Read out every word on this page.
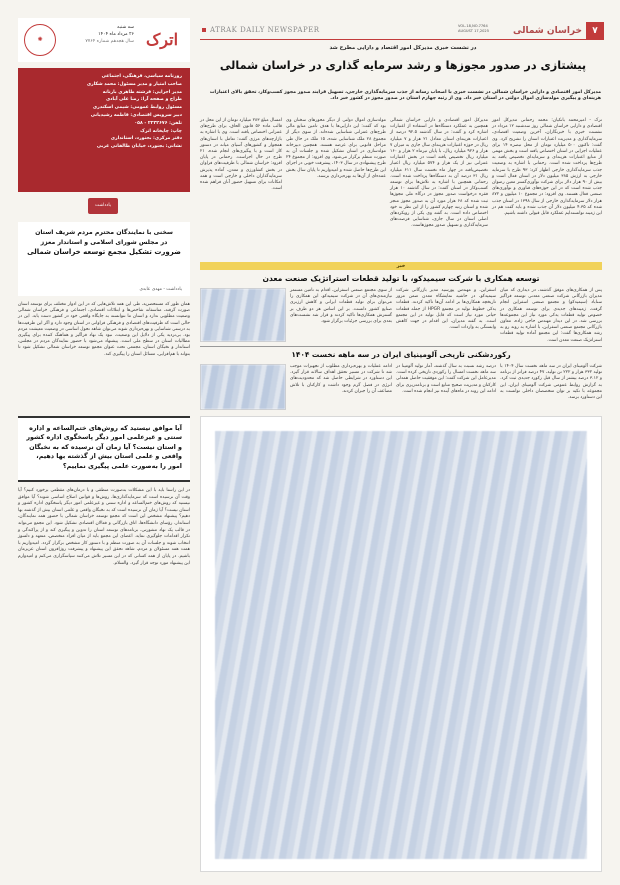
۷
خراسان شمالی
VOL.18,NO.7764
AUGUST 17,2025
ATRAK DAILY NEWSPAPER
در نشست خبری مدیرکل امور اقتصاد و دارایی مطرح شد
پیشتازی در صدور مجوزها و رشد سرمایه گذاری در خراسان شمالی
مدیرکل امور اقتصادی و دارایی خراسان شمالی در نشست خبری با اصحاب رسانه از جذب سرمایه‌گذاری خارجی، تسهیل فرایند صدور مجوز کسب‌وکار، تحقق بالای اعتبارات هزینه‌ای و پیگیری مولدسازی اموال دولتی در استان خبر داد. وی از رتبه چهارم استان در صدور مجوز در کشور خبر داد.
ترک - امیرمحمد بانکیان: محمد رحمانی مدیرکل امور اقتصادی و دارایی خراسان شمالی روز سه‌شنبه ۱۲ مرداد در نشست خبری با خبرنگاران، آخرین وضعیت اقتصادی، سرمایه‌گذاری و مدیریت اعتبارات استان را تشریح کرد. وی گفت: تاکنون ۵۰۰ میلیارد تومان از محل تبصره ۱۴ برای عملیات اجرایی در استان اختصاص یافته است و بخش مهمی از منابع اعتبارات هزینه‌ای و سرمایه‌ای تخصیص یافته به طرح‌ها پرداخت شده است. رحمانی با اشاره به وضعیت جذب سرمایه‌گذاری خارجی اظهار کرد: ۹۳ طرح با سرمایه خارجی به ارزش ۳۸۵ میلیون دلار در استان فعال است و بیش از ۹۰ هزار دلار برای شرکت نوآوری‌گستر معین رضوان جذب شده است که در این حوزه‌های فناوری و نوآوری‌های صنعتی فعال هستند. وی افزود: در مجموع ۱۰ میلیون و ۸۷۲ هزار دلار سرمایه‌گذاری خارجی از سال ۱۳۹۸ در استان جذب شده که ۴.۳۵ میلیون دلار آن جذب شده و باید گفت هم در این زمینه توانسته‌ایم عملکرد قابل قبولی داشته باشیم.
مدیرکل امور اقتصادی و دارایی خراسان شمالی همچنین به عملکرد دستگاه‌ها در استفاده از اعتبارات اشاره کرد و گفت: در سال گذشته ۹۲.۵ درصد از اعتبارات هزینه‌ای استان معادل ۲۱ هزار و ۷ میلیارد ریال در حوزه اعتبارات هزینه‌ای سال جاری به میزان ۷ هزار و ۹۲۶ میلیارد ریال، با پایان تیرماه ۲ هزار و ۱۶۰ میلیارد ریال تخصیص یافته است در بخش اعتبارات عمرانی نیز از یک هزار و ۵۷۴ میلیارد ریال اعتبار تخصیص‌یافته در چهار ماه نخست سال ۶۱۱ میلیارد ریال ۳۱ درصد آن به دستگاه‌ها پرداخت شده است. رحمانی همچنین با اشاره به تلاش‌ها برای توسعه کسب‌وکار در استان گفت: در سال گذشته ۱۰ هزار فقره درخواست صدور مجوز در درگاه ملی مجوزها ثبت شده که ۶۸ هزار مورد آن به صدور مجوز منجر شده و استان رتبه چهارم کشور را از این نظر به خود اختصاص داده است. به گفته وی یکی از رویکردهای اصلی استان در سال جاری، شناسایی فرصت‌های سرمایه‌گذاری و تسهیل صدور مجوزهاست.
مولدسازی اموال دولتی از دیگر محورهای سخنان وی بود که گفت: این دارایی‌ها با هدف تامین منابع مالی طرح‌های عمرانی شناسایی شده‌اند. از سوی دیگر از مجموع ۲۸ ملک شناسایی شده، ۱۵ ملک در حال طی مراحل قانونی برای عرضه هستند. همچنین دبیرخانه مولدسازی در استان تشکیل شده و جلسات آن به صورت منظم برگزار می‌شود. وی افزود: از مجموع ۲۴ طرح پیشنهادی در سال ۱۴۰۳، پیشرفت خوبی در اجرای این طرح‌ها حاصل شده و امیدواریم تا پایان سال بخش عمده‌ای از آن‌ها به بهره‌برداری برسند.
امسال مبلغ ۲۸۳ میلیارد تومان از این محل در قالب ماده ۵۶ قانون الحاق، برای طرح‌های عمرانی اختصاص یافته است. وی با اشاره به بازارچه‌های مرزی گفت: تعامل با استان‌های همجوار و کشورهای آسیای میانه در دستور کار است و با پیگیری‌های انجام شده، ۲۱ طرح در حال اجراست. رحمانی در پایان افزود: خراسان شمالی با ظرفیت‌های فراوان در بخش کشاورزی و معدن، آماده پذیرش سرمایه‌گذاران داخلی و خارجی است و همه امکانات برای تسهیل حضور آنان فراهم شده است.
خبر
توسعه همکاری با شرکت سیمیدکو، با تولید قطعات استراتژیک صنعت معدن
پس از همکاری‌های موفق گذشته، در دیداری که میان مدیران بازرگانی شرکت صنعتی معدنی توسعه فراگیر سناباد (سیمیدکو) و مجتمع صنعتی اسفراین انجام گرفت، زمینه‌های جدیدی برای توسعه همکاری در خصوص تولید قطعات یدکی مورد نیاز این مجموعه‌ها بررسی شد. در این دیدار مهندس حاجی زاده، معاون بازرگانی مجتمع صنعتی اسفراین، با اشاره به روند رو به رشد همکاری‌ها گفت: این مجتمع آماده تولید قطعات استراتژیک صنعت معدن است.
اسفراین، و مهندس پورسید مدیر بازرگانی شرکت سیمیدکو، در حاشیه نمایشگاه معدن ضمن مرور تاریخچه همکاری‌ها بر ادامه آن‌ها تاکید کردند. قطعات یدکی خطوط تولید در مجتمع HPGR از جمله قطعات حیاتی مورد نیاز است که قابل تولید در این مجتمع است. به گفته مدیران، این اقدام در جهت کاهش وابستگی به واردات است.
از سوی مجتمع صنعتی اسفراین، اقدام به تامین مستمر نیازمندی‌های آن در شرکت سیمیدکو، این همکاری را می‌توان برای تولید قطعات ایرانی و کاهش ارزبری صنایع کشور دانست. بر این اساس هر دو طرف بر گسترش همکاری‌ها تاکید کردند و قرار شد نشست‌های بعدی برای بررسی جزئیات برگزار شود.
رکوردشکنی تاریخی آلومینیای ایران در سه ماهه نخست ۱۴۰۴
شرکت آلومینای ایران در سه ماهه نخست سال ۱۴۰۴ با تولید ۳۳۲ هزار و ۲۲۲ تن تولید، ۴۷ درصد فراتر از برنامه و ۳.۱۲ درصد بیشتر از سال قبل رکورد جدیدی ثبت کرد. به گزارش روابط عمومی شرکت آلومینای ایران، این مجموعه با تکیه بر توان متخصصان داخلی توانست به این دستاورد برسد.
درصد رشد نسبت به سال گذشته، آمار تولید آلومینا در سه ماهه نخست امسال را رکوردی تاریخی کرده است. مدیرعامل این شرکت گفت: این موفقیت حاصل همدلی کارکنان و مدیریت صحیح منابع است و برنامه‌ریزی برای ادامه این روند در ماه‌های آینده نیز انجام شده است.
ادامه عملیات و بهره‌برداری مطلوب از تجهیزات موجب شد تا شرکت در مسیر تحقق اهداف سالانه قرار گیرد. این دستاورد در شرایطی حاصل شد که محدودیت‌های انرژی در فصل گرم وجود داشت و کارکنان با تلاش مضاعف آن را جبران کردند.
اترک
سه شنبه
۲۶ مرداد ماه ۱۴۰۴
سال هجدهم شماره ۷۷۶۴
✺
روزنامه سیاسی، فرهنگی، اجتماعی
صاحب امتیاز و مدیر مسئول: محمد شکاری
مدیر اجرایی: فرشته طاهری بارنانه
طراح و صفحه آرا: رضا علی آبادی
مسئول روابط عمومی: شیمی اسکندری
دبیر سرویس اقتصادی: فاطمه رشیدیانی
تلفن: ۲۲۳۲۶۷۶ - ۰۵۸
چاپ: چاپخانه اترک
دفتر مرکزی: بجنورد، استانداری
نشانی: بجنورد، خیابان طالقانی غربی
یادداشت
سخنی با نمایندگان محترم مردم شریف استان
در مجلس شورای اسلامی و استاندار معزز
ضرورت تشکیل مجمع توسعه خراسان شمالی
یادداشت - مهدی عابدی
همان طور که مستحضرید، طی این همه تلاش‌هایی که در این ادوار مختلف برای توسعه استان صورت گرفته، متاسفانه شاخص‌ها و ابتلائات اقتصادی، اجتماعی و فرهنگی خراسان شمالی وضعیت مطلوبی ندارد و استان ما نتوانسته به جایگاه واقعی خود در کشور دست یابد. این در حالی است که ظرفیت‌های اقتصادی و فرهنگی فراوانی در استان وجود دارد و اگر این ظرفیت‌ها به درستی شناسایی و بهره‌برداری شوند می‌توان شاهد تحول اساسی در وضعیت معیشت مردم بود. بی‌تردید یکی از دلایل این وضعیت، نبود یک نهاد فراگیر و هماهنگ کننده برای پیگیری مطالبات استان در سطح ملی است. پیشنهاد می‌شود با حضور نمایندگان مردم در مجلس، استاندار و نخبگان استان، مجمعی تحت عنوان مجمع توسعه خراسان شمالی تشکیل شود تا بتواند با هم‌افزایی، مسائل استان را پیگیری کند.
آیا موافق نیستید که روش‌های ختم‌الساعه و اداره سنتی و غیرعلمی امور دیگر پاسخگوی اداره کشور و استان نیست؟ آیا زمان آن نرسیده که به نخبگان واقعی و علمی استان بیش از گذشته بها دهیم، امور را به‌صورت علمی پیگیری نماییم؟
در این راستا باید با این مشکلات به‌صورت منطقی و با درمان‌های مقطعی برخورد کنیم؟ آیا وقت آن نرسیده است که سرمایه‌گذاری‌ها، روش‌ها و قوانین اصلاح اساسی شوند؟ آیا موافق نیستید که روش‌های ختم‌الساعه و اداره سنتی و غیرعلمی امور دیگر پاسخگوی اداره کشور و استان نیست؟ آیا زمان آن نرسیده است که به نخبگان واقعی و علمی استان بیش از گذشته بها دهیم؟ پیشنهاد مشخص این است که مجمع توسعه خراسان شمالی با حضور همه نمایندگان، استاندار، رؤسای دانشگاه‌ها، اتاق بازرگانی و فعالان اقتصادی تشکیل شود. این مجمع می‌تواند در قالب یک نهاد مشورتی، برنامه‌های توسعه استان را تدوین و پیگیری کند و از پراکندگی و تکرار اقدامات جلوگیری نماید. اعضای این مجمع باید از میان افراد متخصص، متعهد و دلسوز انتخاب شوند و جلسات آن به صورت منظم و با دستور کار مشخص برگزار گردد. امیدواریم با همت همه مسئولان و مردم، شاهد تحقق این پیشنهاد و پیشرفت روزافزون استان عزیزمان باشیم. در پایان از همه کسانی که در این مسیر تلاش می‌کنند سپاسگزاری می‌کنم و امیدوارم این پیشنهاد مورد توجه قرار گیرد. والسلام.
